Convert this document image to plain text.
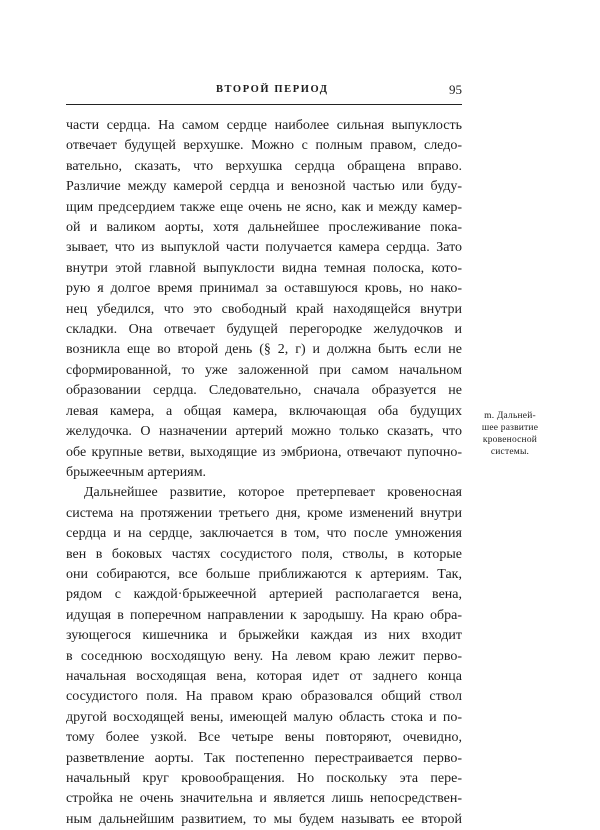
ВТОРОЙ ПЕРИОД	95

части сердца. На самом сердце наиболее сильная выпуклость
отвечает будущей верхушке. Можно с полным правом, следо-
вательно, сказать, что верхушка сердца обращена вправо.
Различие между камерой сердца и венозной частью или буду-
щим предсердием также еще очень не ясно, как и между камер-
ой и валиком аорты, хотя дальнейшее прослеживание пока-
зывает, что из выпуклой части получается камера сердца. Зато
внутри этой главной выпуклости видна темная полоска, кото-
рую я долгое время принимал за оставшуюся кровь, но нако-
нец убедился, что это свободный край находящейся внутри
складки. Она отвечает будущей перегородке желудочков и
возникла еще во второй день (§ 2, г) и должна быть если не
сформированной, то уже заложенной при самом начальном
образовании сердца. Следовательно, сначала образуется не
левая камера, а общая камера, включающая оба будущих
желудочка. О назначении артерий можно только сказать, что
обе крупные ветви, выходящие из эмбриона, отвечают пупочно-
брыжеечным артериям.

Дальнейшее развитие, которое претерпевает кровеносная
система на протяжении третьего дня, кроме изменений внутри
сердца и на сердце, заключается в том, что после умножения
вен в боковых частях сосудистого поля, стволы, в которые
они собираются, все больше приближаются к артериям. Так,
рядом с каждой·брыжеечной артерией располагается вена,
идущая в поперечном направлении к зародышу. На краю обра-
зующегося кишечника и брыжейки каждая из них входит
в соседнюю восходящую вену. На левом краю лежит перво-
начальная восходящая вена, которая идет от заднего конца
сосудистого поля. На правом краю образовался общий ствол
другой восходящей вены, имеющей малую область стока и по-
тому более узкой. Все четыре вены повторяют, очевидно,
разветвление аорты. Так постепенно перестраивается перво-
начальный круг кровообращения. Но поскольку эта пере-
стройка не очень значительна и является лишь непосредствен-
ным дальнейшим развитием, то мы будем называть ее второй

m. Дальней-
шее развитие
кровеносной
системы.
